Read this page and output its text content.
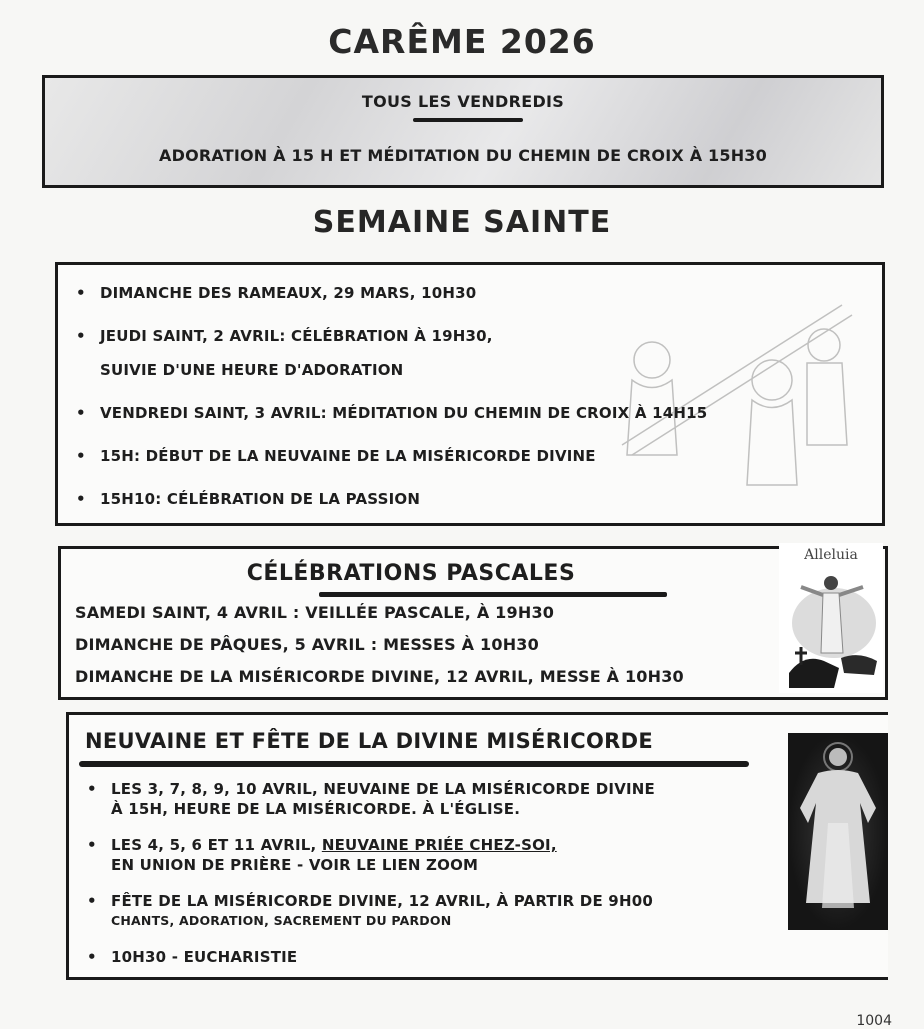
CARÊME 2026
TOUS LES VENDREDIS
ADORATION À 15 H ET MÉDITATION DU CHEMIN DE CROIX À 15H30
SEMAINE SAINTE
• DIMANCHE DES RAMEAUX, 29 MARS, 10H30
• JEUDI SAINT, 2 AVRIL: CÉLÉBRATION À 19H30,
SUIVIE D'UNE HEURE D'ADORATION
• VENDREDI SAINT, 3 AVRIL: MÉDITATION DU CHEMIN DE CROIX À 14H15
• 15H: DÉBUT DE LA NEUVAINE DE LA MISÉRICORDE DIVINE
• 15H10: CÉLÉBRATION DE LA PASSION
CÉLÉBRATIONS PASCALES
SAMEDI SAINT, 4 AVRIL : VEILLÉE PASCALE, À 19H30
DIMANCHE DE PÂQUES, 5 AVRIL : MESSES À 10H30
DIMANCHE DE LA MISÉRICORDE DIVINE, 12 AVRIL, MESSE À 10H30
Alleluia
NEUVAINE ET FÊTE DE LA DIVINE MISÉRICORDE
• LES 3, 7, 8, 9, 10 AVRIL, NEUVAINE DE LA MISÉRICORDE DIVINE
À 15H, HEURE DE LA MISÉRICORDE. À L'ÉGLISE.
• LES 4, 5, 6 ET 11 AVRIL, NEUVAINE PRIÉE CHEZ-SOI,
EN UNION DE PRIÈRE - VOIR LE LIEN ZOOM
• FÊTE DE LA MISÉRICORDE DIVINE, 12 AVRIL, À PARTIR DE 9H00
CHANTS, ADORATION, SACREMENT DU PARDON
• 10H30 - EUCHARISTIE
1004
